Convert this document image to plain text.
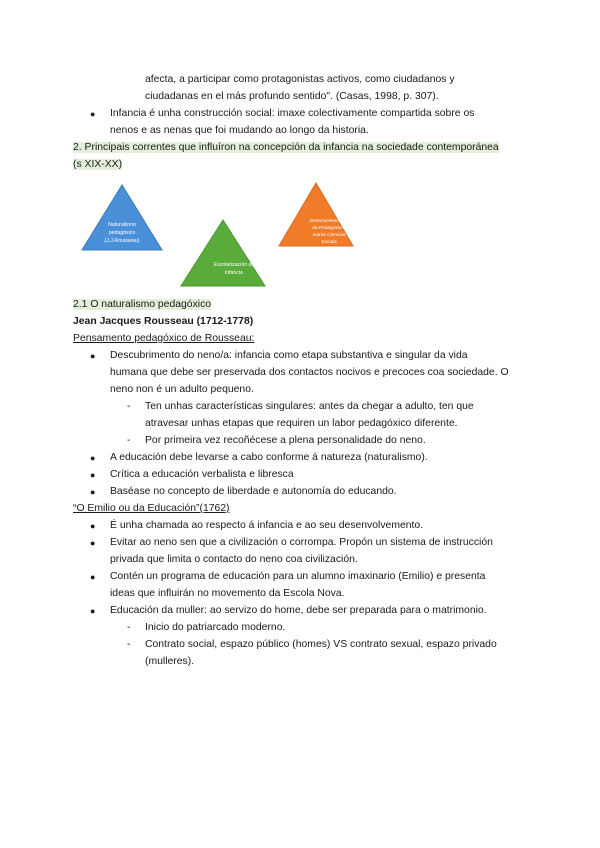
afecta, a participar como protagonistas activos, como ciudadanos y
ciudadanas en el más profundo sentido". (Casas, 1998, p. 307).
● Infancia é unha construcción social: imaxe colectivamente compartida sobre os
nenos e as nenas que foi mudando ao longo da historia.
2. Principais correntes que influíron na concepción da infancia na sociedade contemporánea
(s XIX-XX)
Naturalismo
pedagóxico
(J.J.Rousseau)
Escolarización da
infancia
Desenvolvemento
da Pedagoxía e
outras Ciencias
Sociais
2.1 O naturalismo pedagóxico
Jean Jacques Rousseau (1712-1778)
Pensamento pedagóxico de Rousseau:
● Descubrimento do neno/a: infancia como etapa substantiva e singular da vida
humana que debe ser preservada dos contactos nocivos e precoces coa sociedade. O
neno non é un adulto pequeno.
- Ten unhas características singulares: antes da chegar a adulto, ten que
atravesar unhas etapas que requiren un labor pedagóxico diferente.
- Por primeira vez recoñécese a plena personalidade do neno.
● A educación debe levarse a cabo conforme á natureza (naturalismo).
● Crítica a educación verbalista e libresca
● Baséase no concepto de liberdade e autonomía do educando.
“O Emilio ou da Educación”(1762)
● É unha chamada ao respecto á infancia e ao seu desenvolvemento.
● Evitar ao neno sen que a civilización o corrompa. Propón un sistema de instrucción
privada que limita o contacto do neno coa civilización.
● Contén un programa de educación para un alumno imaxinario (Emilio) e presenta
ideas que influirán no movemento da Escola Nova.
● Educación da muller: ao servizo do home, debe ser preparada para o matrimonio.
- Inicio do patriarcado moderno.
- Contrato social, espazo público (homes) VS contrato sexual, espazo privado
(mulleres).
